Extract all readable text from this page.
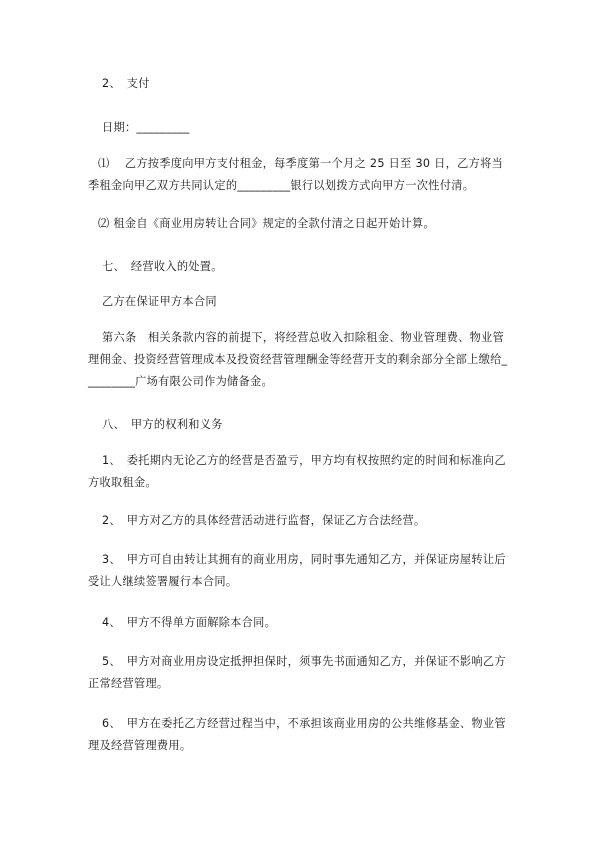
2、　支付

日期：_________

⑴　 乙方按季度向甲方支付租金，每季度第一个月之 25 日至 30 日，乙方将当季租金向甲乙双方共同认定的_________银行以划拨方式向甲方一次性付清。

⑵ 租金自《商业用房转让合同》规定的全款付清之日起开始计算。

七、　经营收入的处置。

乙方在保证甲方本合同

第六条　相关条款内容的前提下，将经营总收入扣除租金、物业管理费、物业管理佣金、投资经营管理成本及投资经营管理酬金等经营开支的剩余部分全部上缴给_________广场有限公司作为储备金。

八、　甲方的权利和义务

1、　委托期内无论乙方的经营是否盈亏，甲方均有权按照约定的时间和标准向乙方收取租金。

2、　甲方对乙方的具体经营活动进行监督，保证乙方合法经营。

3、　甲方可自由转让其拥有的商业用房，同时事先通知乙方，并保证房屋转让后受让人继续签署履行本合同。

4、　甲方不得单方面解除本合同。

5、　甲方对商业用房设定抵押担保时，须事先书面通知乙方，并保证不影响乙方正常经营管理。

6、　甲方在委托乙方经营过程当中，不承担该商业用房的公共维修基金、物业管理及经营管理费用。
